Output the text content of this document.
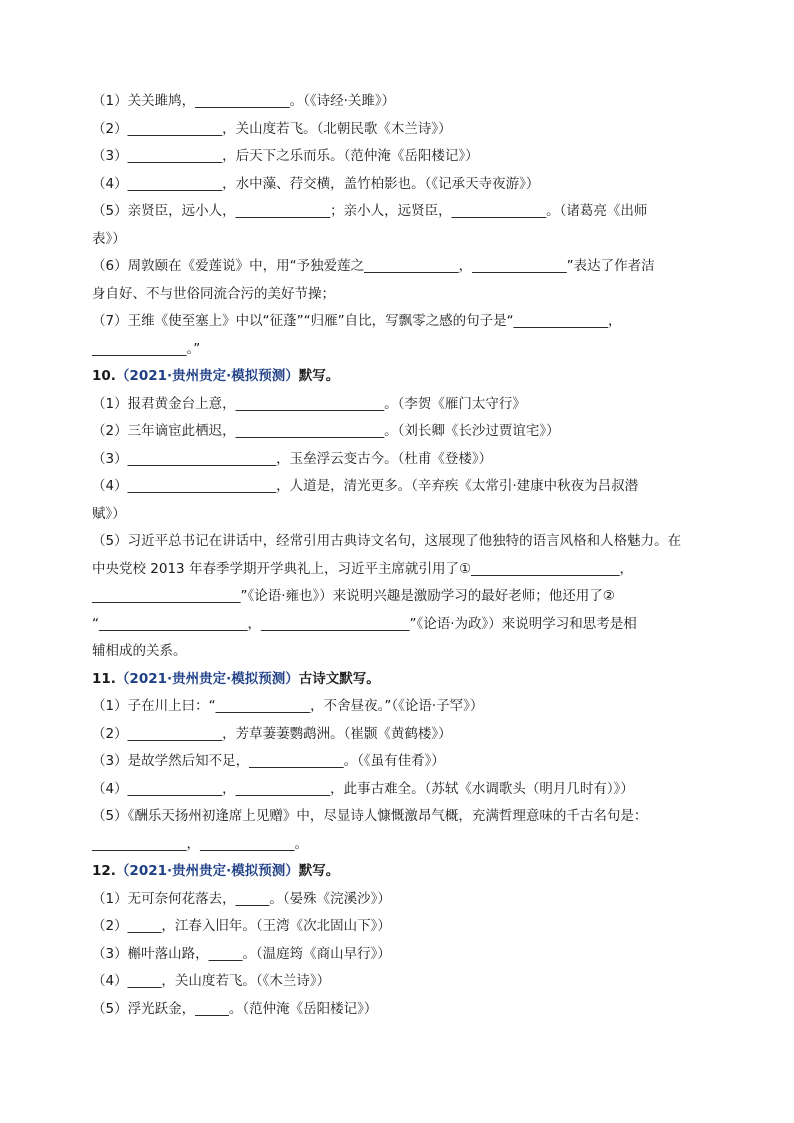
（1）关关雎鸠，______________。（《诗经·关雎》）
（2）______________，关山度若飞。（北朝民歌《木兰诗》）
（3）______________，后天下之乐而乐。（范仲淹《岳阳楼记》）
（4）______________，水中藻、荇交横，盖竹柏影也。（《记承天寺夜游》）
（5）亲贤臣，远小人，______________；亲小人，远贤臣，______________。（诸葛亮《出师
表》）
（6）周敦颐在《爱莲说》中，用“予独爱莲之______________，______________”表达了作者洁
身自好、不与世俗同流合污的美好节操；
（7）王维《使至塞上》中以“征蓬”“归雁”自比，写飘零之感的句子是“______________，
______________。”
10.（2021·贵州贵定·模拟预测）默写。
（1）报君黄金台上意，______________________。（李贺《雁门太守行》
（2）三年谪宦此栖迟，______________________。（刘长卿《长沙过贾谊宅》）
（3）______________________，玉垒浮云变古今。（杜甫《登楼》）
（4）______________________，人道是，清光更多。（辛弃疾《太常引·建康中秋夜为吕叔潜
赋》）
（5）习近平总书记在讲话中，经常引用古典诗文名句，这展现了他独特的语言风格和人格魅力。在
中央党校 2013 年春季学期开学典礼上，习近平主席就引用了①______________________，
______________________”《论语·雍也》）来说明兴趣是激励学习的最好老师；他还用了②
“______________________，______________________”《论语·为政》）来说明学习和思考是相
辅相成的关系。
11.（2021·贵州贵定·模拟预测）古诗文默写。
（1）子在川上曰：“______________，不舍昼夜。”（《论语·子罕》）
（2）______________，芳草萋萋鹦鹉洲。（崔颢《黄鹤楼》）
（3）是故学然后知不足，______________。（《虽有佳肴》）
（4）______________，______________，此事古难全。（苏轼《水调歌头（明月几时有）》）
（5）《酬乐天扬州初逢席上见赠》中，尽显诗人慷慨激昂气概，充满哲理意味的千古名句是：
______________，______________。
12.（2021·贵州贵定·模拟预测）默写。
（1）无可奈何花落去，_____。（晏殊《浣溪沙》）
（2）_____，江春入旧年。（王湾《次北固山下》）
（3）槲叶落山路，_____。（温庭筠《商山早行》）
（4）_____，关山度若飞。（《木兰诗》）
（5）浮光跃金，_____。（范仲淹《岳阳楼记》）
